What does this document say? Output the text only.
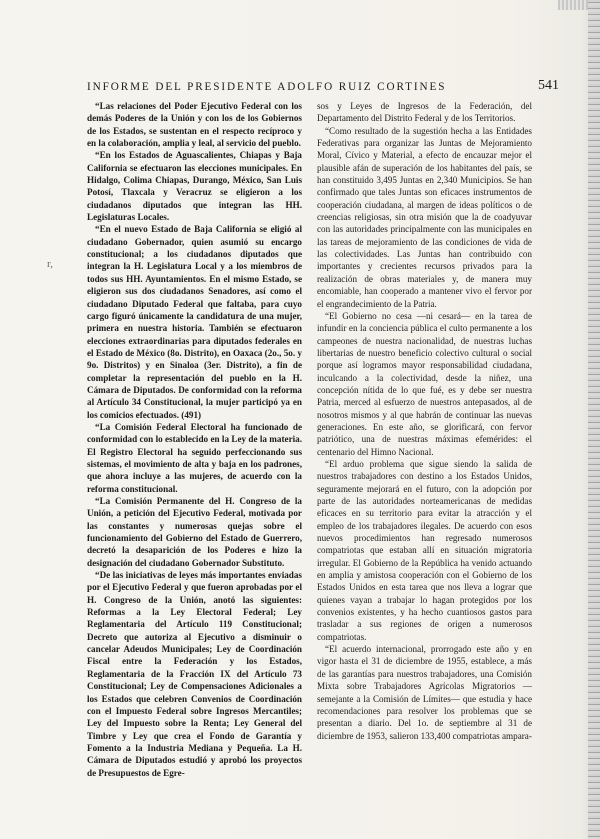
INFORME DEL PRESIDENTE ADOLFO RUIZ CORTINES	541
r,

“Las relaciones del Poder Ejecutivo Federal con los demás Poderes de la Unión y con los de los Gobiernos de los Estados, se sustentan en el respecto recíproco y en la colaboración, amplia y leal, al servicio del pueblo.

“En los Estados de Aguascalientes, Chiapas y Baja California se efectuaron las elecciones municipales. En Hidalgo, Colima Chiapas, Durango, México, San Luis Potosí, Tlaxcala y Veracruz se eligieron a los ciudadanos diputados que integran las HH. Legislaturas Locales.

“En el nuevo Estado de Baja California se eligió al ciudadano Gobernador, quien asumió su encargo constitucional; a los ciudadanos diputados que integran la H. Legislatura Local y a los miembros de todos sus HH. Ayuntamientos. En el mismo Estado, se eligieron sus dos ciudadanos Senadores, así como el ciudadano Diputado Federal que faltaba, para cuyo cargo figuró únicamente la candidatura de una mujer, primera en nuestra historia. También se efectuaron elecciones extraordinarias para diputados federales en el Estado de México (8o. Distrito), en Oaxaca (2o., 5o. y 9o. Distritos) y en Sinaloa (3er. Distrito), a fin de completar la representación del pueblo en la H. Cámara de Diputados. De conformidad con la reforma al Artículo 34 Constitucional, la mujer participó ya en los comicios efectuados. (491)

“La Comisión Federal Electoral ha funcionado de conformidad con lo establecido en la Ley de la materia. El Registro Electoral ha seguido perfeccionando sus sistemas, el movimiento de alta y baja en los padrones, que ahora incluye a las mujeres, de acuerdo con la reforma constitucional.

“La Comisión Permanente del H. Congreso de la Unión, a petición del Ejecutivo Federal, motivada por las constantes y numerosas quejas sobre el funcionamiento del Gobierno del Estado de Guerrero, decretó la desaparición de los Poderes e hizo la designación del ciudadano Gobernador Substituto.

“De las iniciativas de leyes más importantes enviadas por el Ejecutivo Federal y que fueron aprobadas por el H. Congreso de la Unión, anotó las siguientes: Reformas a la Ley Electoral Federal; Ley Reglamentaria del Artículo 119 Constitucional; Decreto que autoriza al Ejecutivo a disminuir o cancelar Adeudos Municipales; Ley de Coordinación Fiscal entre la Federación y los Estados, Reglamentaria de la Fracción IX del Artículo 73 Constitucional; Ley de Compensaciones Adicionales a los Estados que celebren Convenios de Coordinación con el Impuesto Federal sobre Ingresos Mercantiles; Ley del Impuesto sobre la Renta; Ley General del Timbre y Ley que crea el Fondo de Garantía y Fomento a la Industria Mediana y Pequeña. La H. Cámara de Diputados estudió y aprobó los proyectos de Presupuestos de Egre-

sos y Leyes de Ingresos de la Federación, del Departamento del Distrito Federal y de los Territorios.

“Como resultado de la sugestión hecha a las Entidades Federativas para organizar las Juntas de Mejoramiento Moral, Cívico y Material, a efecto de encauzar mejor el plausible afán de superación de los habitantes del país, se han constituido 3,495 Juntas en 2,340 Municipios. Se han confirmado que tales Juntas son eficaces instrumentos de cooperación ciudadana, al margen de ideas políticos o de creencias religiosas, sin otra misión que la de coadyuvar con las autoridades principalmente con las municipales en las tareas de mejoramiento de las condiciones de vida de las colectividades. Las Juntas han contribuido con importantes y crecientes recursos privados para la realización de obras materiales y, de manera muy encomiable, han cooperado a mantener vivo el fervor por el engrandecimiento de la Patria.

“El Gobierno no cesa —ni cesará— en la tarea de infundir en la conciencia pública el culto permanente a los campeones de nuestra nacionalidad, de nuestras luchas libertarias de nuestro beneficio colectivo cultural o social porque así logramos mayor responsabilidad ciudadana, inculcando a la colectividad, desde la niñez, una concepción nítida de lo que fué, es y debe ser nuestra Patria, merced al esfuerzo de nuestros antepasados, al de nosotros mismos y al que habrán de continuar las nuevas generaciones. En este año, se glorificará, con fervor patriótico, una de nuestras máximas efemérides: el centenario del Himno Nacional.

“El arduo problema que sigue siendo la salida de nuestros trabajadores con destino a los Estados Unidos, seguramente mejorará en el futuro, con la adopción por parte de las autoridades norteamericanas de medidas eficaces en su territorio para evitar la atracción y el empleo de los trabajadores ilegales. De acuerdo con esos nuevos procedimientos han regresado numerosos compatriotas que estaban allí en situación migratoria irregular. El Gobierno de la República ha venido actuando en amplia y amistosa cooperación con el Gobierno de los Estados Unidos en esta tarea que nos lleva a lograr que quienes vayan a trabajar lo hagan protegidos por los convenios existentes, y ha hecho cuantiosos gastos para trasladar a sus regiones de origen a numerosos compatriotas.

“El acuerdo internacional, prorrogado este año y en vigor hasta el 31 de diciembre de 1955, establece, a más de las garantías para nuestros trabajadores, una Comisión Mixta sobre Trabajadores Agrícolas Migratorios —semejante a la Comisión de Límites— que estudia y hace recomendaciones para resolver los problemas que se presentan a diario. Del 1o. de septiembre al 31 de diciembre de 1953, salieron 133,400 compatriotas ampara-
